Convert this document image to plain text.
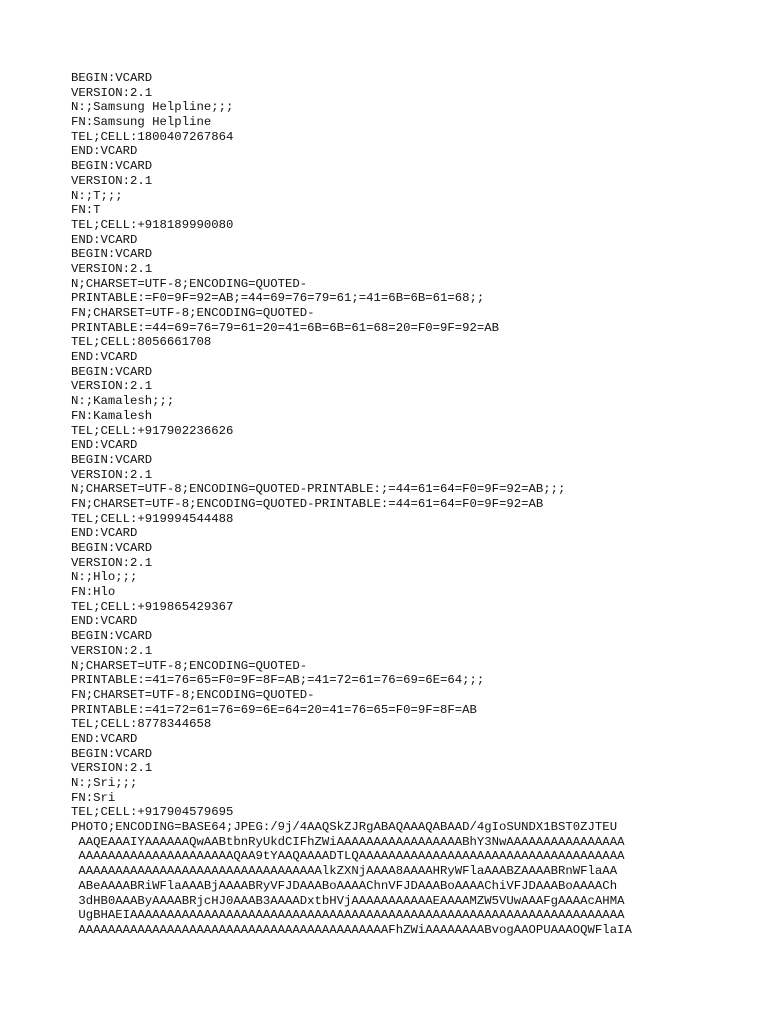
BEGIN:VCARD
VERSION:2.1
N:;Samsung Helpline;;;
FN:Samsung Helpline
TEL;CELL:1800407267864
END:VCARD
BEGIN:VCARD
VERSION:2.1
N:;T;;;
FN:T
TEL;CELL:+918189990080
END:VCARD
BEGIN:VCARD
VERSION:2.1
N;CHARSET=UTF-8;ENCODING=QUOTED-
PRINTABLE:=F0=9F=92=AB;=44=69=76=79=61;=41=6B=6B=61=68;;
FN;CHARSET=UTF-8;ENCODING=QUOTED-
PRINTABLE:=44=69=76=79=61=20=41=6B=6B=61=68=20=F0=9F=92=AB
TEL;CELL:8056661708
END:VCARD
BEGIN:VCARD
VERSION:2.1
N:;Kamalesh;;;
FN:Kamalesh
TEL;CELL:+917902236626
END:VCARD
BEGIN:VCARD
VERSION:2.1
N;CHARSET=UTF-8;ENCODING=QUOTED-PRINTABLE:;=44=61=64=F0=9F=92=AB;;;
FN;CHARSET=UTF-8;ENCODING=QUOTED-PRINTABLE:=44=61=64=F0=9F=92=AB
TEL;CELL:+919994544488
END:VCARD
BEGIN:VCARD
VERSION:2.1
N:;Hlo;;;
FN:Hlo
TEL;CELL:+919865429367
END:VCARD
BEGIN:VCARD
VERSION:2.1
N;CHARSET=UTF-8;ENCODING=QUOTED-
PRINTABLE:=41=76=65=F0=9F=8F=AB;=41=72=61=76=69=6E=64;;;
FN;CHARSET=UTF-8;ENCODING=QUOTED-
PRINTABLE:=41=72=61=76=69=6E=64=20=41=76=65=F0=9F=8F=AB
TEL;CELL:8778344658
END:VCARD
BEGIN:VCARD
VERSION:2.1
N:;Sri;;;
FN:Sri
TEL;CELL:+917904579695
PHOTO;ENCODING=BASE64;JPEG:/9j/4AAQSkZJRgABAQAAAQABAAD/4gIoSUNDX1BST0ZJTEU
AAQEAAAIYAAAAAAQwAABtbnRyUkdCIFhZWiAAAAAAAAAAAAAAAAABhY3NwAAAAAAAAAAAAAAAA
AAAAAAAAAAAAAAAAAAAAAQAA9tYAAQAAAADTLQAAAAAAAAAAAAAAAAAAAAAAAAAAAAAAAAAAAA
AAAAAAAAAAAAAAAAAAAAAAAAAAAAAAAAAlkZXNjAAAA8AAAAHRyWFlaAAABZAAAABRnWFlaAA
ABeAAAABRiWFlaAAABjAAAABRyVFJDAAABoAAAAChnVFJDAAABoAAAAChiVFJDAAABoAAAACh
3dHB0AAAByAAAABRjcHJ0AAAB3AAAADxtbHVjAAAAAAAAAAAEAAAAMZW5VUwAAAFgAAAAcAHMA
UgBHAEIAAAAAAAAAAAAAAAAAAAAAAAAAAAAAAAAAAAAAAAAAAAAAAAAAAAAAAAAAAAAAAAAAAA
AAAAAAAAAAAAAAAAAAAAAAAAAAAAAAAAAAAAAAAAAAFhZWiAAAAAAAABvogAAOPUAAAOQWFlaIA
